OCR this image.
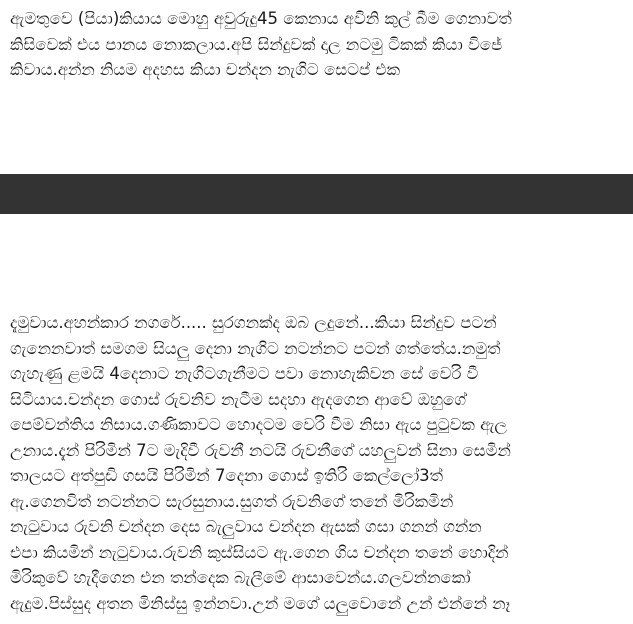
ඇමතුවෙ (පියා)කියාය මොහු අවුරුදු45 කෙනාය අවිනි කුල් බීම ගෙනාවත්
කිසිවෙක් එය පානය නොකලාය.අපි සින්දුවක් දාල නටමු ටිකක් කියා විජේ
කිවාය.අන්න නියම අදහස කියා චන්දන නැගිට සෙටප් එක
දැමුවාය.අහන්කාර නගරේ..... සුරගනක්ද ඔබ ලදුනේ...කියා සින්දුව පටන්
ගැනෙනවාත් සමගම සියලු දෙනා නැගිට නටන්නට පටන් ගත්තේය.නමුත්
ගැහැණු ළමයි 4දෙනාට නැගිටගැනීමට පවා නොහැකිවන සේ වෙරි වී
සිටියාය.චන්දන ගොස් රුවනිව නැටීම සදහා ඇදගෙන ආවේ ඔහුගේ
පෙම්වන්තිය නිසාය.ගණිකාවට හොදටම වෙරි වීම නිසා ඇය පුටුවක ඇල
උනාය.දැන් පිරිමින් 7ට මැදිවී රුවනී නටයි රුවනීගේ යහලුවන් සිනා සෙමින්
තාලයට අත්පුඩි ගසයි පිරිමින් 7දෙනා ගොස් ඉතිරි කෙල්ලෝ3ත්
ඇ.ගෙනවිත් නටන්නට සැරසුනාය.සුගත් රුවනිගේ තනේ මිරිකමින්
නැටුවාය රුවනි චන්දන දෙස බැලුවාය චන්දන ඇසක් ගසා ගනන් ගන්න
එපා කියමින් නැටුවාය.රුවනි කුස්සියට ඇ.ගෙන ගිය චන්දන තනේ හොදින්
මිරිකුවේ හැදීගෙන එන තන්දෙක බැලීමේ ආසාවෙන්ය.ගලවන්නකෝ
ඇදුම.පිස්සුද අතන මිනිස්සු ඉන්නවා.උන් මගේ යලුවොනේ උන් එන්නේ නෑ
